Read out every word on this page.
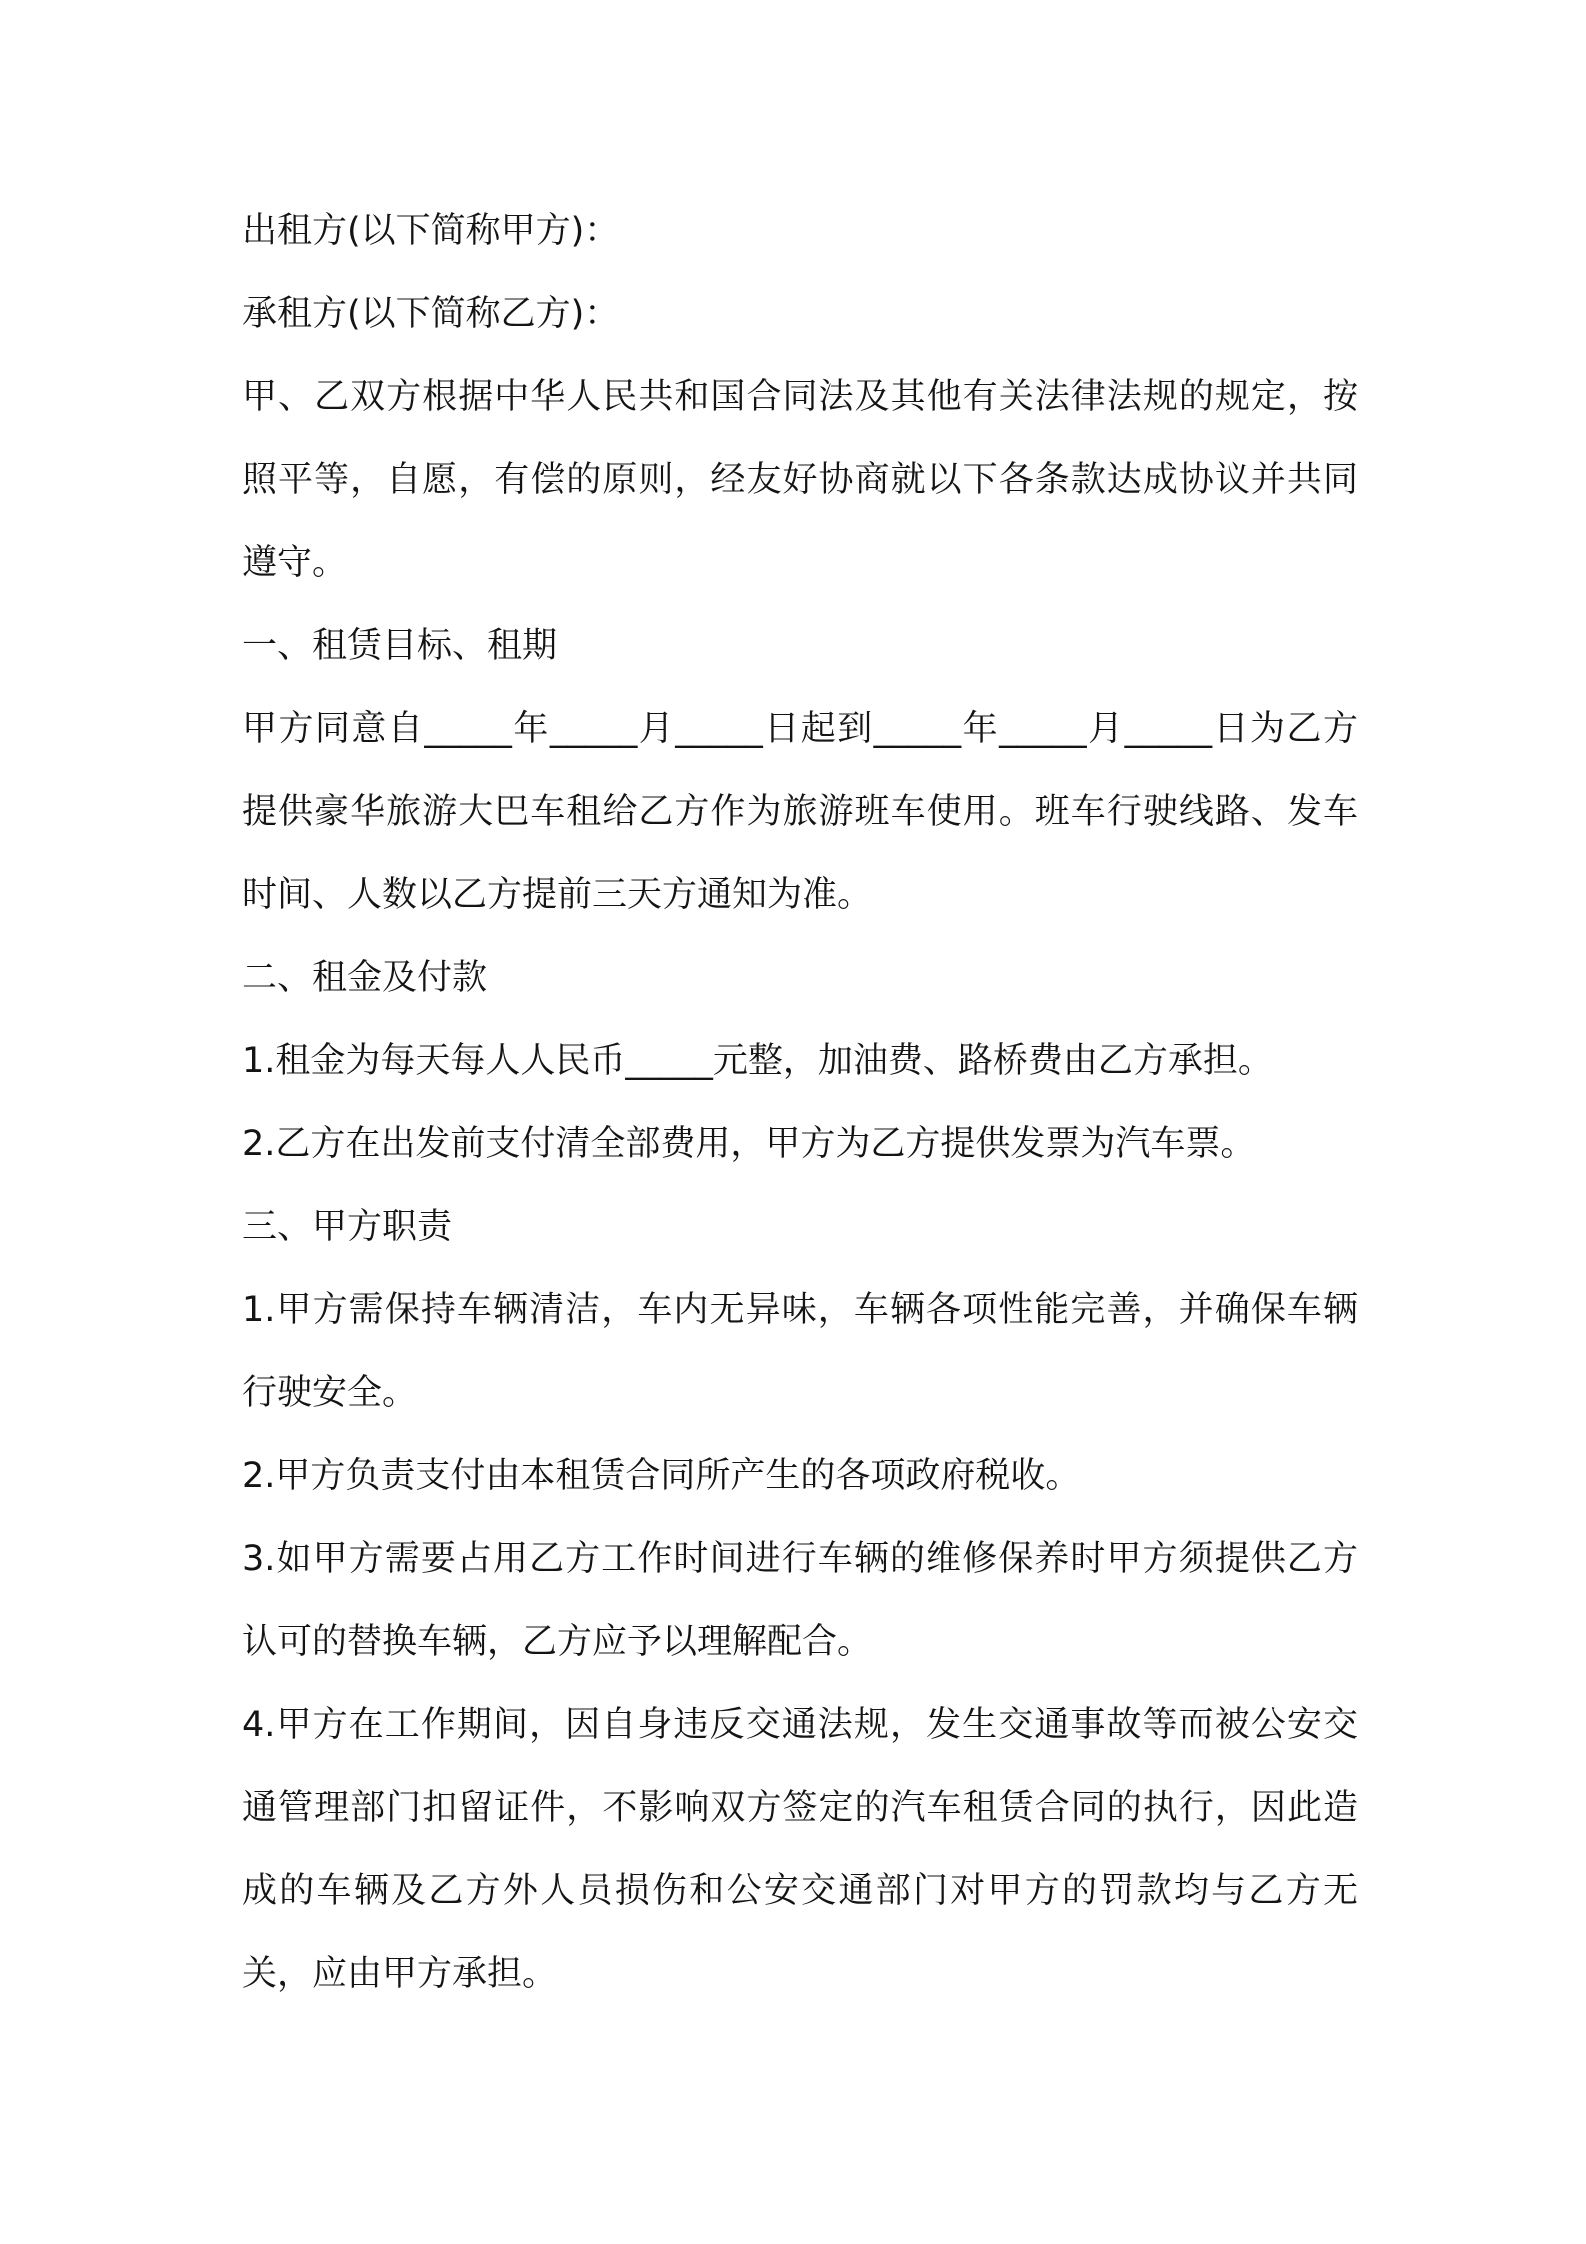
出租方(以下简称甲方)：

承租方(以下简称乙方)：

甲、乙双方根据中华人民共和国合同法及其他有关法律法规的规定，按照平等，自愿，有偿的原则，经友好协商就以下各条款达成协议并共同遵守。

一、租赁目标、租期

甲方同意自_____年_____月_____日起到_____年_____月_____日为乙方提供豪华旅游大巴车租给乙方作为旅游班车使用。班车行驶线路、发车时间、人数以乙方提前三天方通知为准。

二、租金及付款

1.租金为每天每人人民币_____元整，加油费、路桥费由乙方承担。

2.乙方在出发前支付清全部费用，甲方为乙方提供发票为汽车票。

三、甲方职责

1.甲方需保持车辆清洁，车内无异味，车辆各项性能完善，并确保车辆行驶安全。

2.甲方负责支付由本租赁合同所产生的各项政府税收。

3.如甲方需要占用乙方工作时间进行车辆的维修保养时甲方须提供乙方认可的替换车辆，乙方应予以理解配合。

4.甲方在工作期间，因自身违反交通法规，发生交通事故等而被公安交通管理部门扣留证件，不影响双方签定的汽车租赁合同的执行，因此造成的车辆及乙方外人员损伤和公安交通部门对甲方的罚款均与乙方无关，应由甲方承担。
